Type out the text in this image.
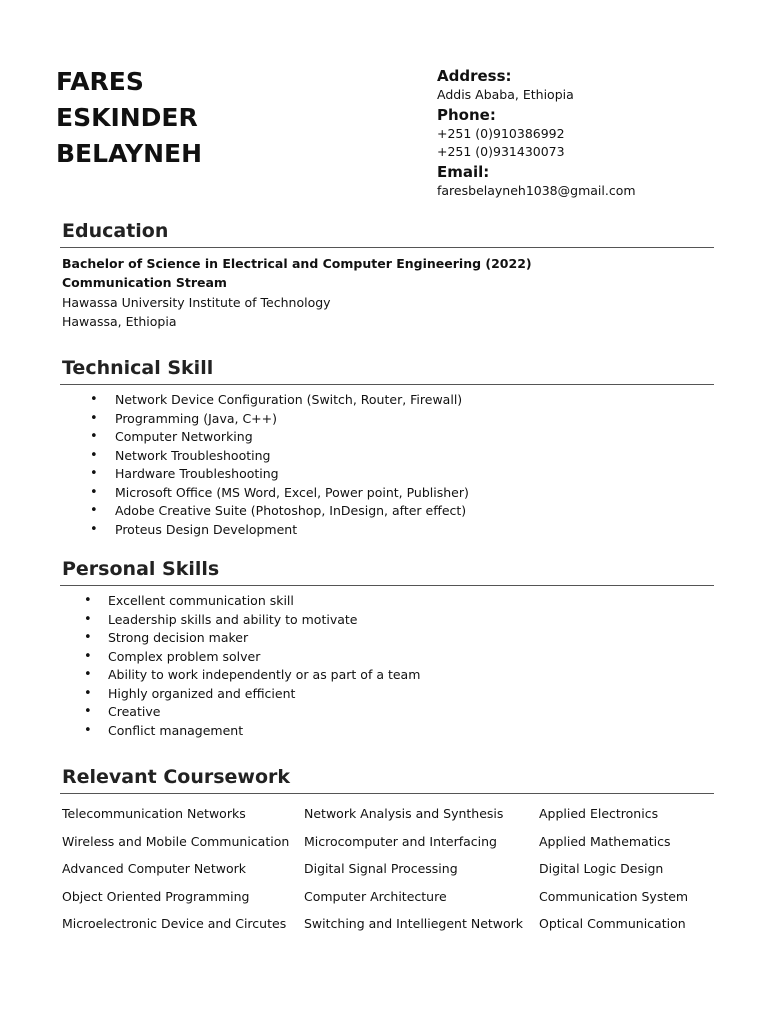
FARES
ESKINDER
BELAYNEH
Address:
Addis Ababa, Ethiopia
Phone:
+251 (0)910386992
+251 (0)931430073
Email:
faresbelayneh1038@gmail.com
Education
Bachelor of Science in Electrical and Computer Engineering (2022)
Communication Stream
Hawassa University Institute of Technology
Hawassa, Ethiopia
Technical Skill
• Network Device Configuration (Switch, Router, Firewall)
• Programming (Java, C++)
• Computer Networking
• Network Troubleshooting
• Hardware Troubleshooting
• Microsoft Office (MS Word, Excel, Power point, Publisher)
• Adobe Creative Suite (Photoshop, InDesign, after effect)
• Proteus Design Development
Personal Skills
• Excellent communication skill
• Leadership skills and ability to motivate
• Strong decision maker
• Complex problem solver
• Ability to work independently or as part of a team
• Highly organized and efficient
• Creative
• Conflict management
Relevant Coursework
Telecommunication Networks
Wireless and Mobile Communication
Advanced Computer Network
Object Oriented Programming
Microelectronic Device and Circutes
Network Analysis and Synthesis
Microcomputer and Interfacing
Digital Signal Processing
Computer Architecture
Switching and Intelliegent Network
Applied Electronics
Applied Mathematics
Digital Logic Design
Communication System
Optical Communication
